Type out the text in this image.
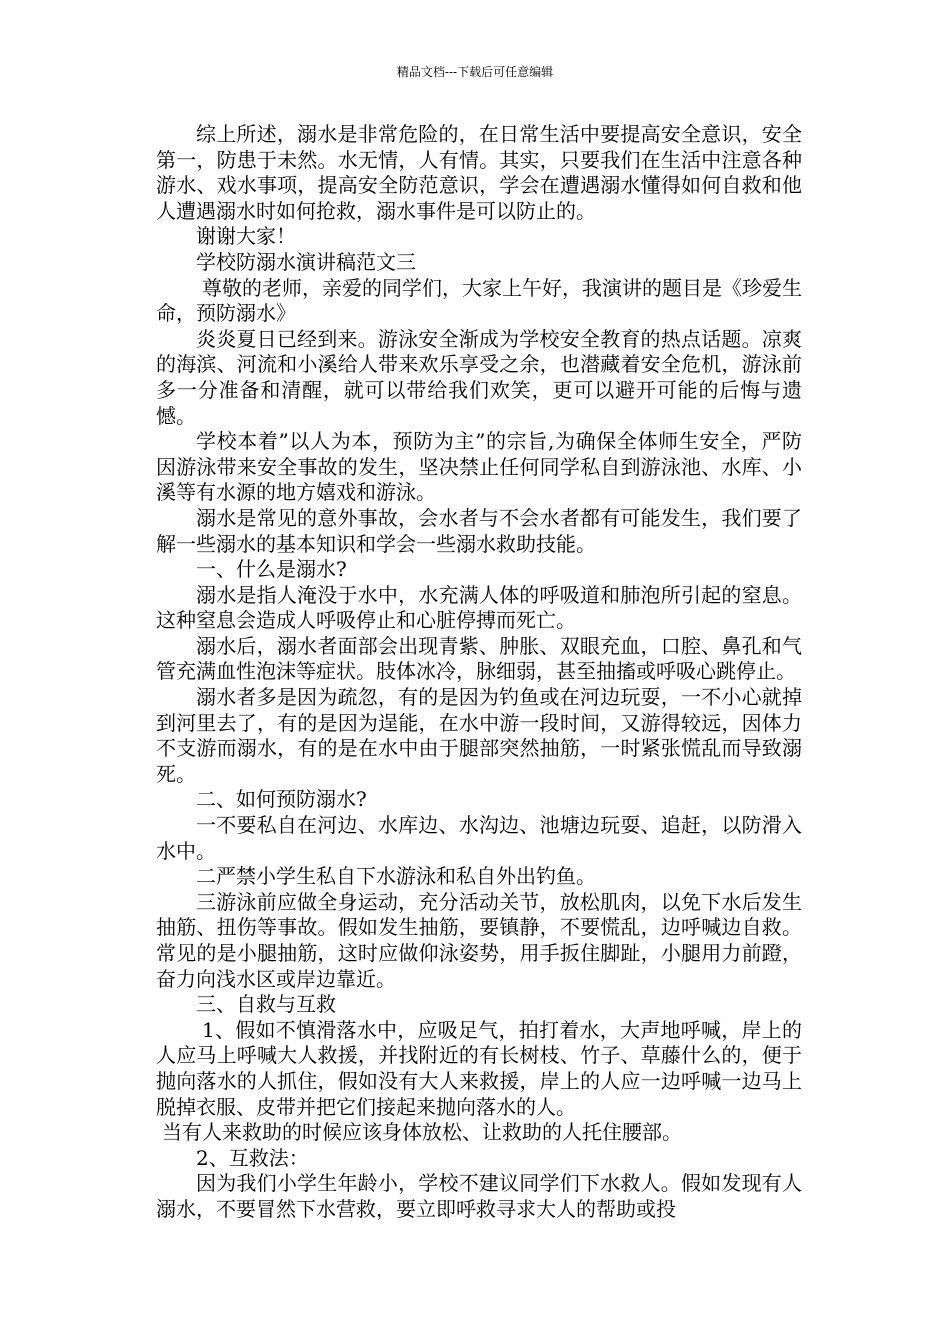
精品文档---下载后可任意编辑

综上所述，溺水是非常危险的，在日常生活中要提高安全意识，安全第一，防患于未然。水无情，人有情。其实，只要我们在生活中注意各种游水、戏水事项，提高安全防范意识，学会在遭遇溺水懂得如何自救和他人遭遇溺水时如何抢救，溺水事件是可以防止的。

谢谢大家！

学校防溺水演讲稿范文三

尊敬的老师，亲爱的同学们，大家上午好，我演讲的题目是《珍爱生命，预防溺水》

炎炎夏日已经到来。游泳安全渐成为学校安全教育的热点话题。凉爽的海滨、河流和小溪给人带来欢乐享受之余，也潜藏着安全危机，游泳前多一分准备和清醒，就可以带给我们欢笑，更可以避开可能的后悔与遗憾。

学校本着”以人为本，预防为主”的宗旨,为确保全体师生安全，严防因游泳带来安全事故的发生，坚决禁止任何同学私自到游泳池、水库、小溪等有水源的地方嬉戏和游泳。

溺水是常见的意外事故，会水者与不会水者都有可能发生，我们要了解一些溺水的基本知识和学会一些溺水救助技能。

一、什么是溺水?

溺水是指人淹没于水中，水充满人体的呼吸道和肺泡所引起的窒息。这种窒息会造成人呼吸停止和心脏停搏而死亡。

溺水后，溺水者面部会出现青紫、肿胀、双眼充血，口腔、鼻孔和气管充满血性泡沫等症状。肢体冰冷，脉细弱，甚至抽搐或呼吸心跳停止。

溺水者多是因为疏忽，有的是因为钓鱼或在河边玩耍，一不小心就掉到河里去了，有的是因为逞能，在水中游一段时间，又游得较远，因体力不支游而溺水，有的是在水中由于腿部突然抽筋，一时紧张慌乱而导致溺死。

二、如何预防溺水?

一不要私自在河边、水库边、水沟边、池塘边玩耍、追赶，以防滑入水中。

二严禁小学生私自下水游泳和私自外出钓鱼。

三游泳前应做全身运动，充分活动关节，放松肌肉，以免下水后发生抽筋、扭伤等事故。假如发生抽筋，要镇静，不要慌乱，边呼喊边自救。常见的是小腿抽筋，这时应做仰泳姿势，用手扳住脚趾，小腿用力前蹬，奋力向浅水区或岸边靠近。

三、自救与互救

1、假如不慎滑落水中，应吸足气，拍打着水，大声地呼喊，岸上的人应马上呼喊大人救援，并找附近的有长树枝、竹子、草藤什么的，便于抛向落水的人抓住，假如没有大人来救援，岸上的人应一边呼喊一边马上脱掉衣服、皮带并把它们接起来抛向落水的人。

当有人来救助的时候应该身体放松、让救助的人托住腰部。

2、互救法：

因为我们小学生年龄小，学校不建议同学们下水救人。假如发现有人溺水，不要冒然下水营救，要立即呼救寻求大人的帮助或投
